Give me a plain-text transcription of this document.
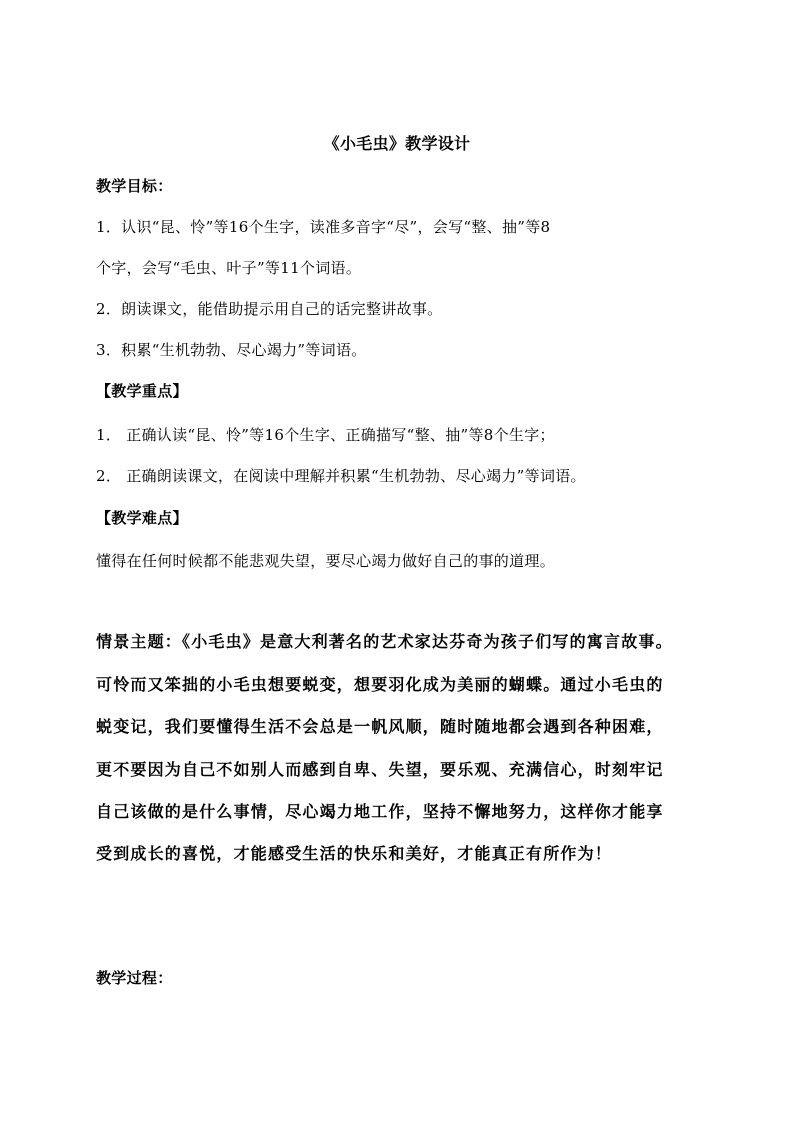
《小毛虫》教学设计
教学目标：
1．认识“昆、怜”等16个生字，读准多音字“尽”，会写“整、抽”等8
个字，会写“毛虫、叶子”等11个词语。
2．朗读课文，能借助提示用自己的话完整讲故事。
3．积累“生机勃勃、尽心竭力”等词语。
【教学重点】
1． 正确认读“昆、怜”等16个生字、正确描写“整、抽”等8个生字；
2． 正确朗读课文，在阅读中理解并积累“生机勃勃、尽心竭力”等词语。
【教学难点】
懂得在任何时候都不能悲观失望，要尽心竭力做好自己的事的道理。
情景主题：《小毛虫》是意大利著名的艺术家达芬奇为孩子们写的寓言故事。
可怜而又笨拙的小毛虫想要蜕变，想要羽化成为美丽的蝴蝶。通过小毛虫的
蜕变记，我们要懂得生活不会总是一帆风顺，随时随地都会遇到各种困难，
更不要因为自己不如别人而感到自卑、失望，要乐观、充满信心，时刻牢记
自己该做的是什么事情，尽心竭力地工作，坚持不懈地努力，这样你才能享
受到成长的喜悦，才能感受生活的快乐和美好，才能真正有所作为！
教学过程：
